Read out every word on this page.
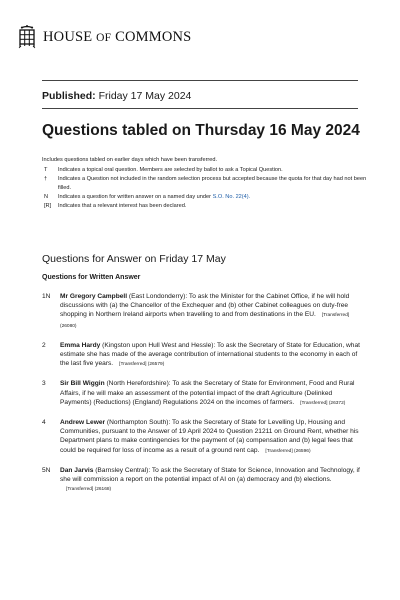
HOUSE OF COMMONS
Published: Friday 17 May 2024
Questions tabled on Thursday 16 May 2024
Includes questions tabled on earlier days which have been transferred.
T	Indicates a topical oral question. Members are selected by ballot to ask a Topical Question.
†	Indicates a Question not included in the random selection process but accepted because the quota for that day had not been filled.
N	Indicates a question for written answer on a named day under S.O. No. 22(4).
[R]	Indicates that a relevant interest has been declared.
Questions for Answer on Friday 17 May
Questions for Written Answer
1N	Mr Gregory Campbell (East Londonderry): To ask the Minister for the Cabinet Office, if he will hold discussions with (a) the Chancellor of the Exchequer and (b) other Cabinet colleagues on duty-free shopping in Northern Ireland airports when travelling to and from destinations in the EU. [Transferred] (26080)
2	Emma Hardy (Kingston upon Hull West and Hessle): To ask the Secretary of State for Education, what estimate she has made of the average contribution of international students to the economy in each of the last five years. [Transferred] (26579)
3	Sir Bill Wiggin (North Herefordshire): To ask the Secretary of State for Environment, Food and Rural Affairs, if he will make an assessment of the potential impact of the draft Agriculture (Delinked Payments) (Reductions) (England) Regulations 2024 on the incomes of farmers. [Transferred] (26372)
4	Andrew Lewer (Northampton South): To ask the Secretary of State for Levelling Up, Housing and Communities, pursuant to the Answer of 19 April 2024 to Question 21211 on Ground Rent, whether his Department plans to make contingencies for the payment of (a) compensation and (b) legal fees that could be required for loss of income as a result of a ground rent cap. [Transferred] (26596)
5N	Dan Jarvis (Barnsley Central): To ask the Secretary of State for Science, Innovation and Technology, if she will commission a report on the potential impact of AI on (a) democracy and (b) elections.[Transferred] (26168)
